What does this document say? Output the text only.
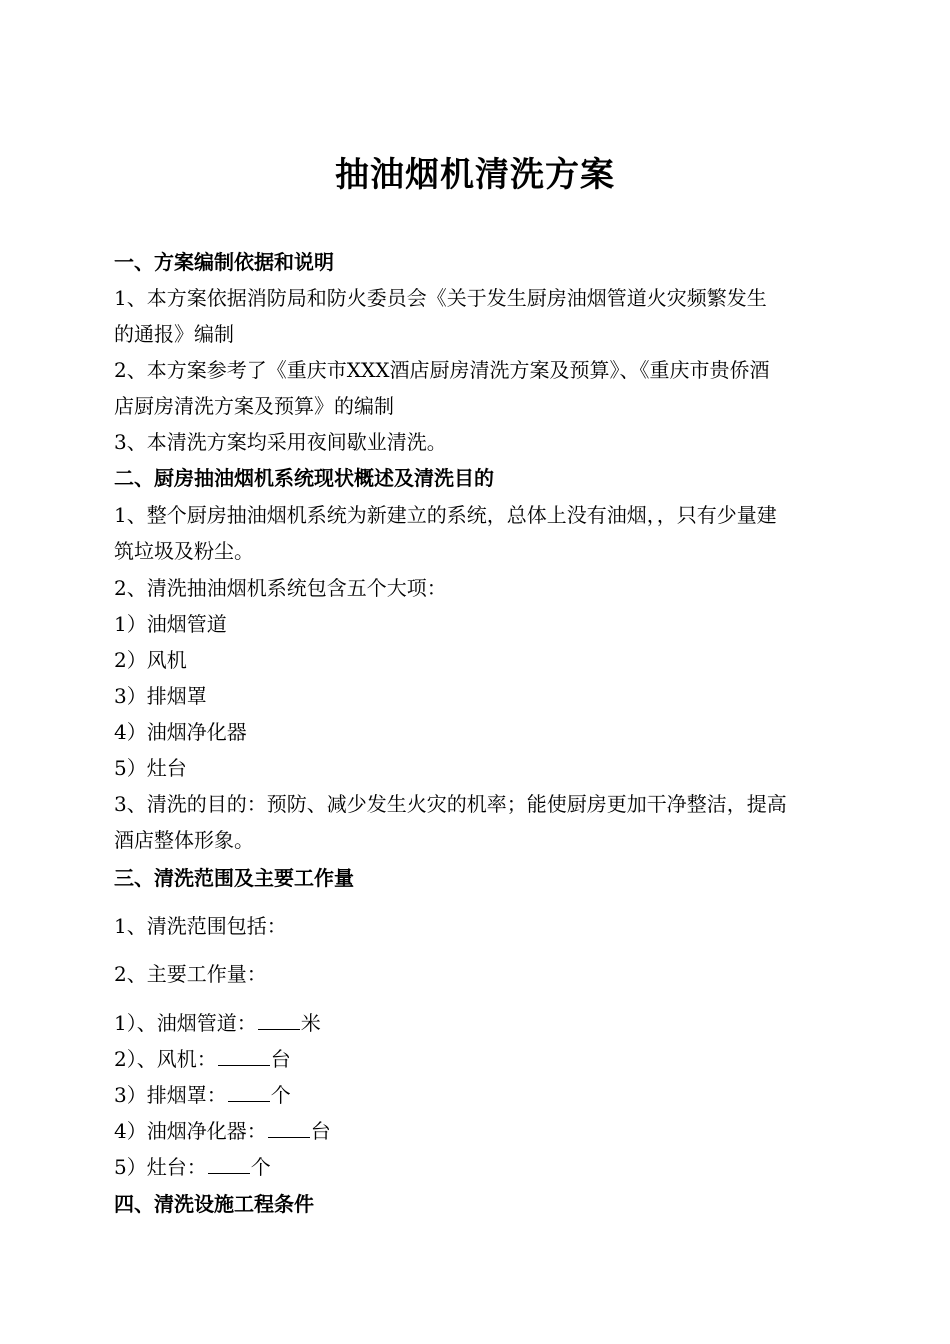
抽油烟机清洗方案
一、方案编制依据和说明
1、本方案依据消防局和防火委员会《关于发生厨房油烟管道火灾频繁发生
的通报》编制
2、本方案参考了《重庆市XXX酒店厨房清洗方案及预算》、《重庆市贵侨酒
店厨房清洗方案及预算》的编制
3、本清洗方案均采用夜间歇业清洗。
二、厨房抽油烟机系统现状概述及清洗目的
1、整个厨房抽油烟机系统为新建立的系统，总体上没有油烟，，只有少量建
筑垃圾及粉尘。
2、清洗抽油烟机系统包含五个大项：
1）油烟管道
2）风机
3）排烟罩
4）油烟净化器
5）灶台
3、清洗的目的：预防、减少发生火灾的机率；能使厨房更加干净整洁，提高
酒店整体形象。
三、清洗范围及主要工作量
1、清洗范围包括：
2、主要工作量：
1）、油烟管道： 米
2）、风机：	台
3）排烟罩： 个
4）油烟净化器： 台
5）灶台： 个
四、清洗设施工程条件
